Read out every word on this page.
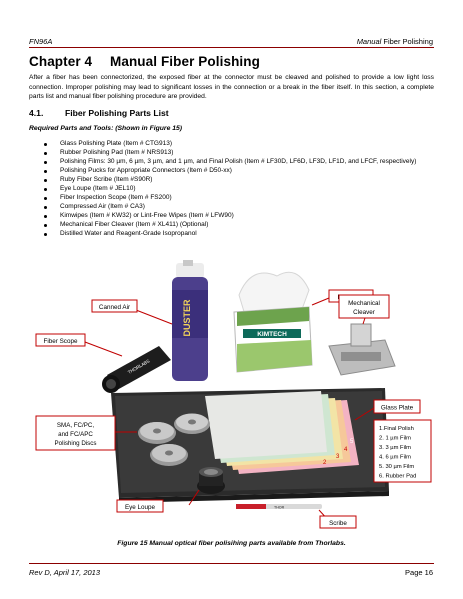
FN96A	Manual Fiber Polishing
Chapter 4 Manual Fiber Polishing
After a fiber has been connectorized, the exposed fiber at the connector must be cleaved and polished to provide a low light loss connection. Improper polishing may lead to significant losses in the connection or a break in the fiber itself. In this section, a complete parts list and manual fiber polishing procedure are provided.
4.1.	Fiber Polishing Parts List
Required Parts and Tools: (Shown in Figure 15)
Glass Polishing Plate (Item # CTG913)
Rubber Polishing Pad (Item # NRS913)
Polishing Films: 30 µm, 6 µm, 3 µm, and 1 µm, and Final Polish (Item # LF30D, LF6D, LF3D, LF1D, and LFCF, respectively)
Polishing Pucks for Appropriate Connectors (Item # D50-xx)
Ruby Fiber Scribe (Item #S90R)
Eye Loupe (Item # JEL10)
Fiber Inspection Scope (Item # FS200)
Compressed Air (Item # CA3)
Kimwipes (Item # KW32) or Lint-Free Wipes (Item # LFW90)
Mechanical Fiber Cleaver (Item # XL411) (Optional)
Distilled Water and Reagent-Grade Isopropanol
2
3
4
5
DUSTER	KIMTECH
THORLABS
THOR
Canned Air
Fiber Scope
Mechanical
Cleaver
Glass Plate
1.Final Polish
2. 1 µm Film
3. 3 µm Film
4. 6 µm Film
5. 30 µm Film
6. Rubber Pad
SMA, FC/PC,
and FC/APC
Polishing Discs
Eye Loupe
Scribe
Figure 15 Manual optical fiber polisihing parts available from Thorlabs.
Rev D, April 17, 2013	Page 16
